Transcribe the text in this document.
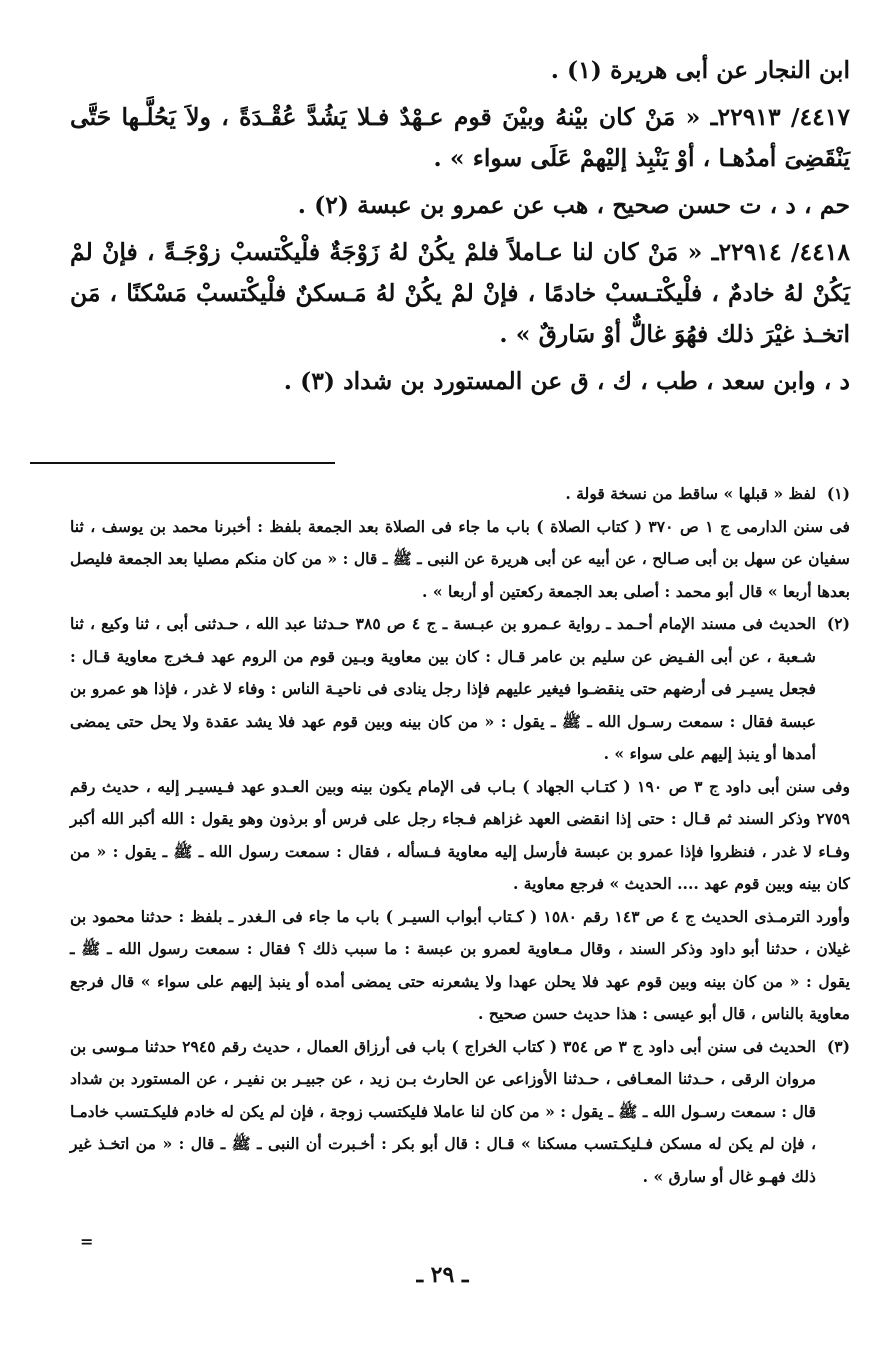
ابن النجار عن أبى هريرة (١) .

٤٤١٧/ ٢٢٩١٣ـ « مَنْ كان بيْنهُ وبيْنَ قوم عـهْدٌ فـلا يَشُدَّ عُقْـدَةً ، ولاَ يَحُلَّـها حَتَّى يَنْقَضِىَ أمدُهـا ، أوْ يَنْبِذ إليْهمْ عَلَى سواء » .

حم ، د ، ت حسن صحيح ، هب عن عمرو بن عبسة (٢) .

٤٤١٨/ ٢٢٩١٤ـ « مَنْ كان لنا عـاملاً فلمْ يكُنْ لهُ زَوْجَةٌ فلْيكْتسبْ زوْجَـةً ، فإنْ لمْ يَكُنْ لهُ خادمٌ ، فلْيكْتـسبْ خادمًا ، فإنْ لمْ يكُنْ لهُ مَـسكنٌ فلْيكْتسبْ مَسْكنًا ، مَن اتخـذ غيْرَ ذلك فهُوَ غالٌّ أوْ سَارقٌ » .

د ، وابن سعد ، طب ، ك ، ق عن المستورد بن شداد (٣) .

(١)

لفظ « قبلها » ساقط من نسخة قولة .

فى سنن الدارمى ج ١ ص ٣٧٠ ( كتاب الصلاة ) باب ما جاء فى الصلاة بعد الجمعة بلفظ : أخبرنا محمد بن يوسف ، ثنا سفيان عن سهل بن أبى صـالح ، عن أبيه عن أبى هريرة عن النبى ـ ﷺ ـ قال : « من كان منكم مصليا بعد الجمعة فليصل بعدها أربعا » قال أبو محمد : أصلى بعد الجمعة ركعتين أو أربعا » .

(٢)

الحديث فى مسند الإمام أحـمد ـ رواية عـمرو بن عبـسة ـ ج ٤ ص ٣٨٥ حـدثنا عبد الله ، حـدثنى أبى ، ثنا وكيع ، ثنا شـعبة ، عن أبى الفـيض عن سليم بن عامر قـال : كان بين معاوية وبـين قوم من الروم عهد فـخرج معاوية قـال : فجعل يسيـر فى أرضهم حتى ينقضـوا فيغير عليهم فإذا رجل ينادى فى ناحيـة الناس : وفاء لا غدر ، فإذا هو عمرو بن عبسة فقال : سمعت رسـول الله ـ ﷺ ـ يقول : « من كان بينه وبين قوم عهد فلا يشد عقدة ولا يحل حتى يمضى أمدها أو ينبذ إليهم على سواء » .

وفى سنن أبى داود ج ٣ ص ١٩٠ ( كتـاب الجهاد ) بـاب فى الإمام يكون بينه وبين العـدو عهد فـيسيـر إليه ، حديث رقم ٢٧٥٩ وذكر السند ثم قـال : حتى إذا انقضى العهد غزاهم فـجاء رجل على فرس أو برذون وهو يقول : الله أكبر الله أكبر وفـاء لا غدر ، فنظروا فإذا عمرو بن عبسة فأرسل إليه معاوية فـسأله ، فقال : سمعت رسول الله ـ ﷺ ـ يقول : « من كان بينه وبين قوم عهد .... الحديث » فرجع معاوية .

وأورد الترمـذى الحديث ج ٤ ص ١٤٣ رقم ١٥٨٠ ( كـتاب أبواب السيـر ) باب ما جاء فى الـغدر ـ بلفظ : حدثنا محمود بن غيلان ، حدثنا أبو داود وذكر السند ، وقال مـعاوية لعمرو بن عبسة : ما سبب ذلك ؟ فقال : سمعت رسول الله ـ ﷺ ـ يقول : « من كان بينه وبين قوم عهد فلا يحلن عهدا ولا يشعرنه حتى يمضى أمده أو ينبذ إليهم على سواء » قال فرجع معاوية بالناس ، قال أبو عيسى : هذا حديث حسن صحيح .

(٣)

الحديث فى سنن أبى داود ج ٣ ص ٣٥٤ ( كتاب الخراج ) باب فى أرزاق العمال ، حديث رقم ٢٩٤٥ حدثنا مـوسى بن مروان الرقى ، حـدثنا المعـافى ، حـدثنا الأوزاعى عن الحارث بـن زيد ، عن جبيـر بن نفيـر ، عن المستورد بن شداد قال : سمعت رسـول الله ـ ﷺ ـ يقول : « من كان لنا عاملا فليكتسب زوجة ، فإن لم يكن له خادم فليكـتسب خادمـا ، فإن لم يكن له مسكن فـليكـتسب مسكنا » قـال : قال أبو بكر : أخـبرت أن النبى ـ ﷺ ـ قال : « من اتخـذ غير ذلك فهـو غال أو سارق » .

=
ـ ٢٩ ـ
